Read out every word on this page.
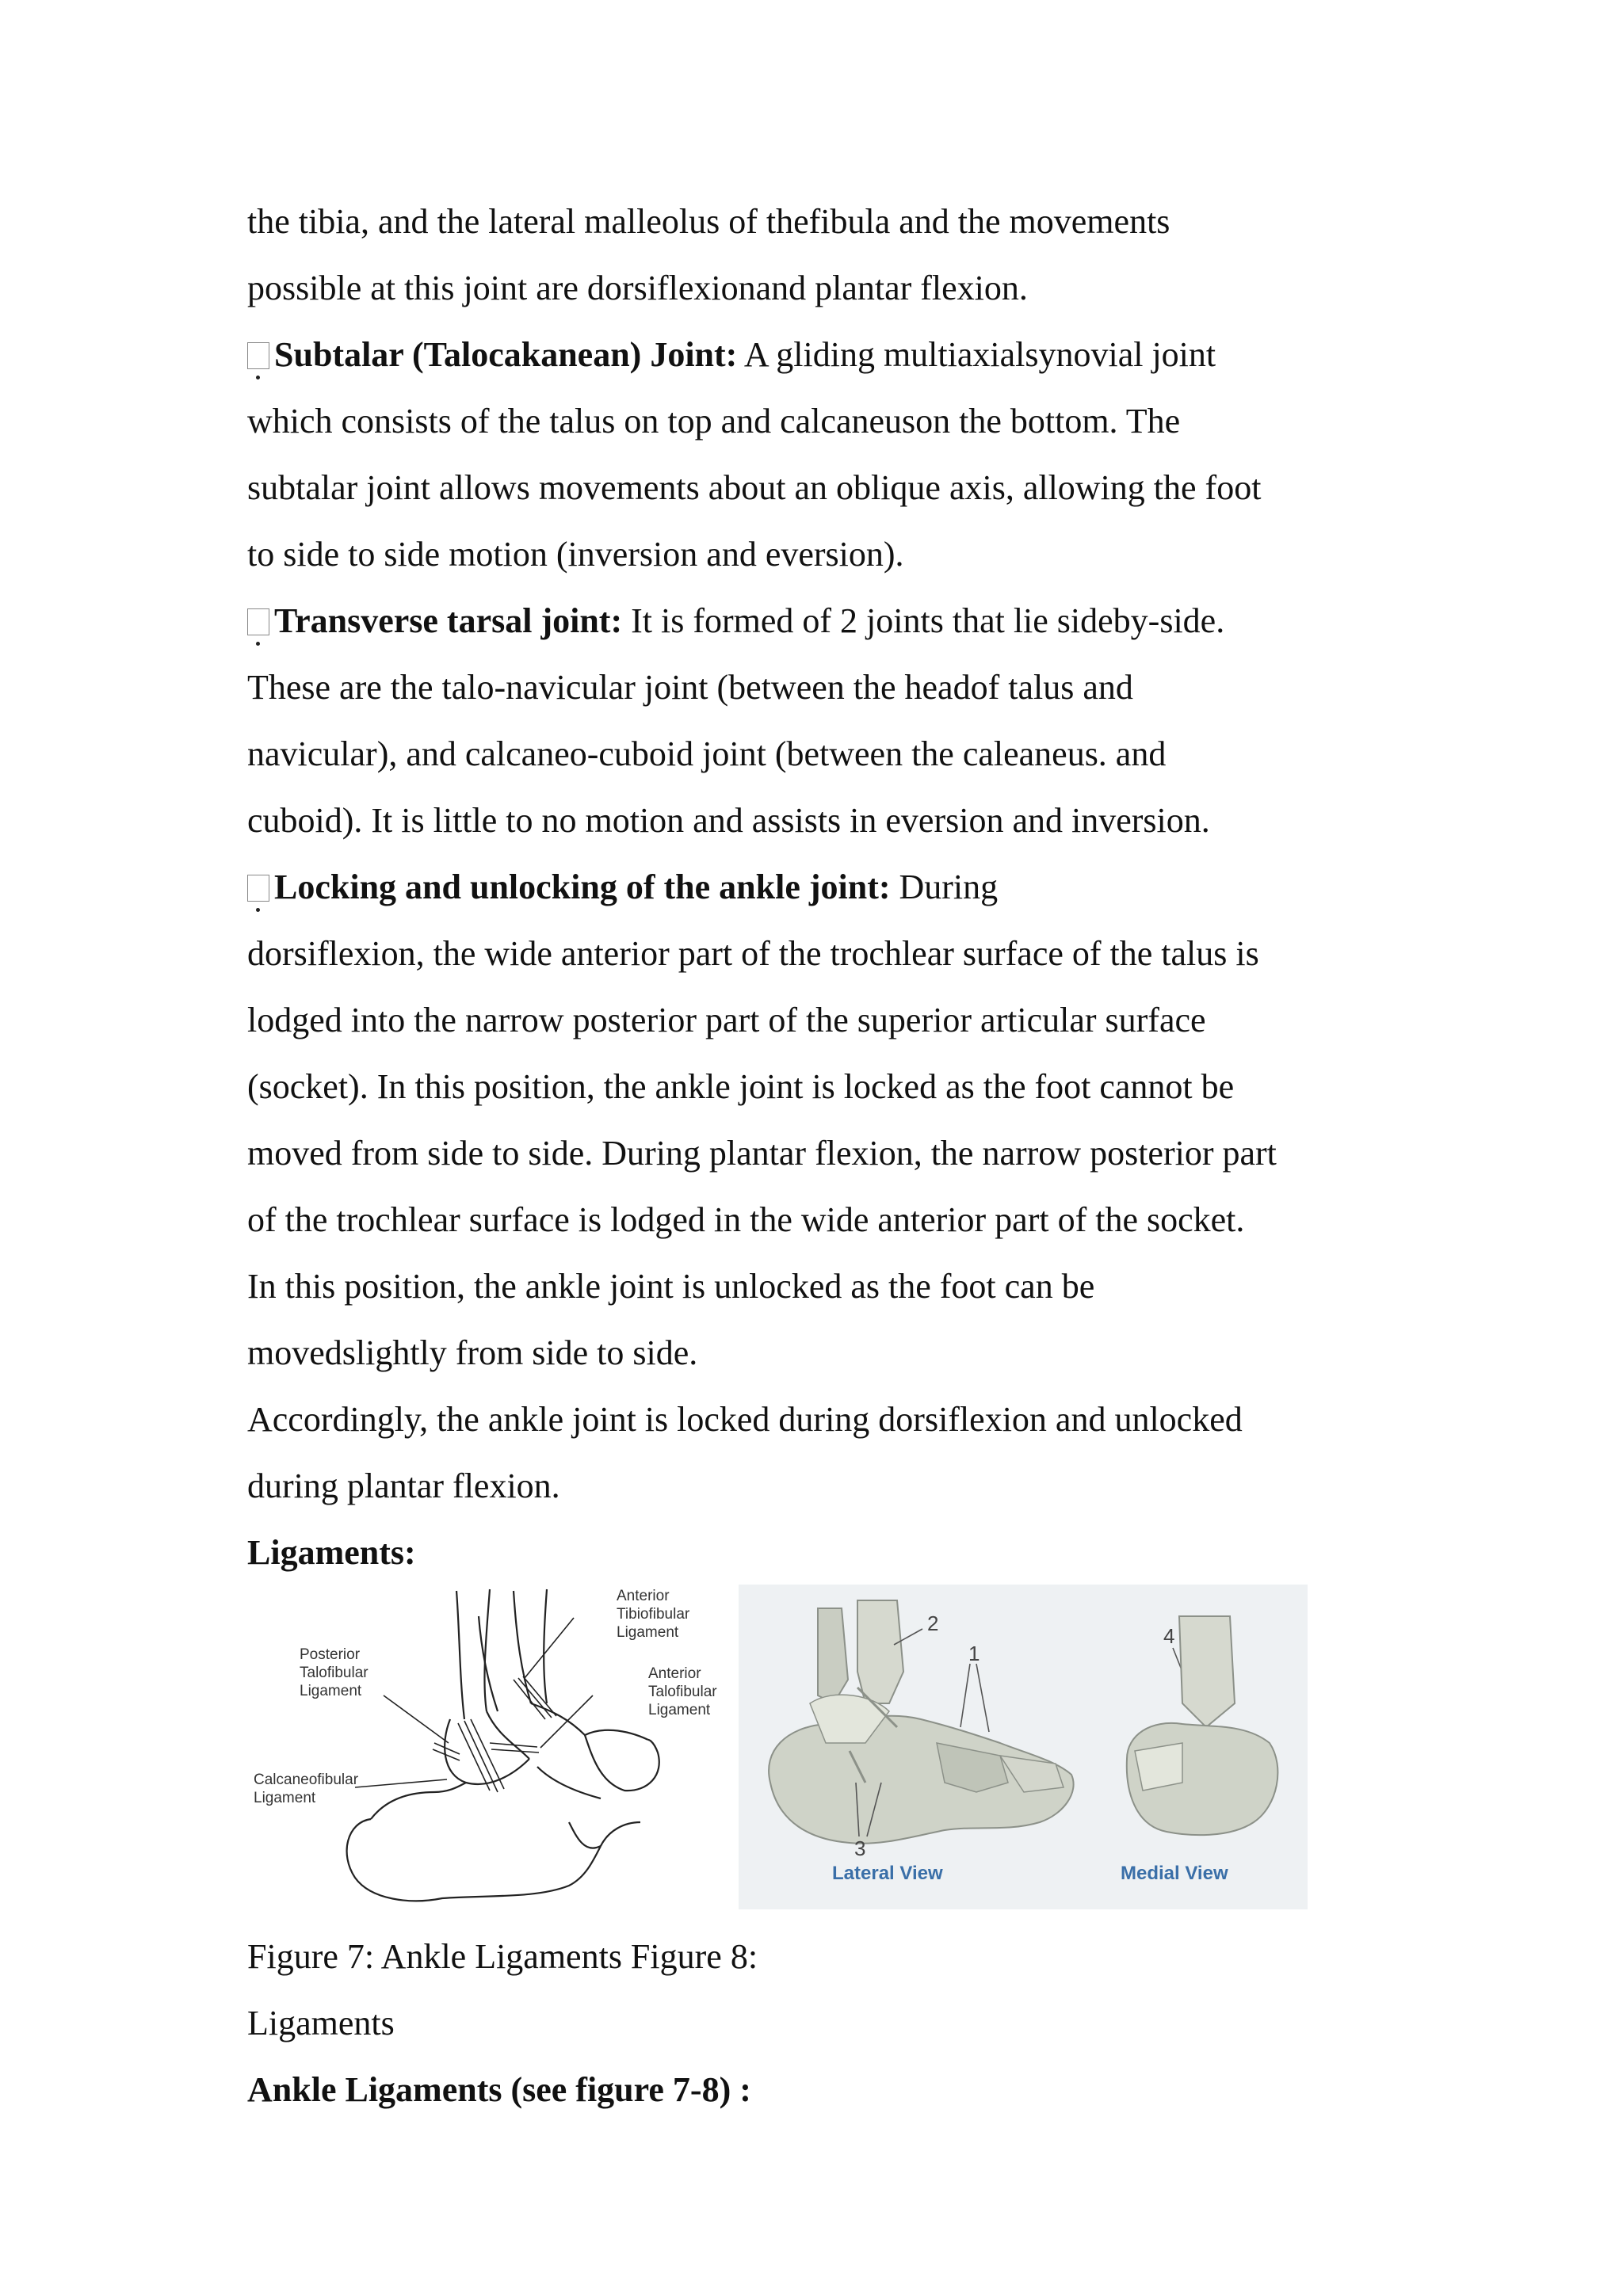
the tibia, and the lateral malleolus of thefibula and the movements
possible at this joint are dorsiflexionand plantar flexion.
Subtalar (Talocakanean) Joint: A gliding multiaxialsynovial joint
which consists of the talus on top and calcaneuson the bottom. The
subtalar joint allows movements about an oblique axis, allowing the foot
to side to side motion (inversion and eversion).
Transverse tarsal joint: It is formed of 2 joints that lie sideby-side.
These are the talo-navicular joint (between the headof talus and
navicular), and calcaneo-cuboid joint (between the caleaneus. and
cuboid). It is little to no motion and assists in eversion and inversion.
Locking and unlocking of the ankle joint: During
dorsiflexion, the wide anterior part of the trochlear surface of the talus is
lodged into the narrow posterior part of the superior articular surface
(socket). In this position, the ankle joint is locked as the foot cannot be
moved from side to side. During plantar flexion, the narrow posterior part
of the trochlear surface is lodged in the wide anterior part of the socket.
In this position, the ankle joint is unlocked as the foot can be
movedslightly from side to side.
Accordingly, the ankle joint is locked during dorsiflexion and unlocked
during plantar flexion.
Ligaments:
Anterior Tibiofibular Ligament
Posterior Talofibular Ligament
Anterior Talofibular Ligament
Calcaneofibular Ligament
2
1
3
Lateral View
4
Medial View
Figure 7: Ankle Ligaments Figure 8:
Ligaments
Ankle Ligaments (see figure 7-8) :
